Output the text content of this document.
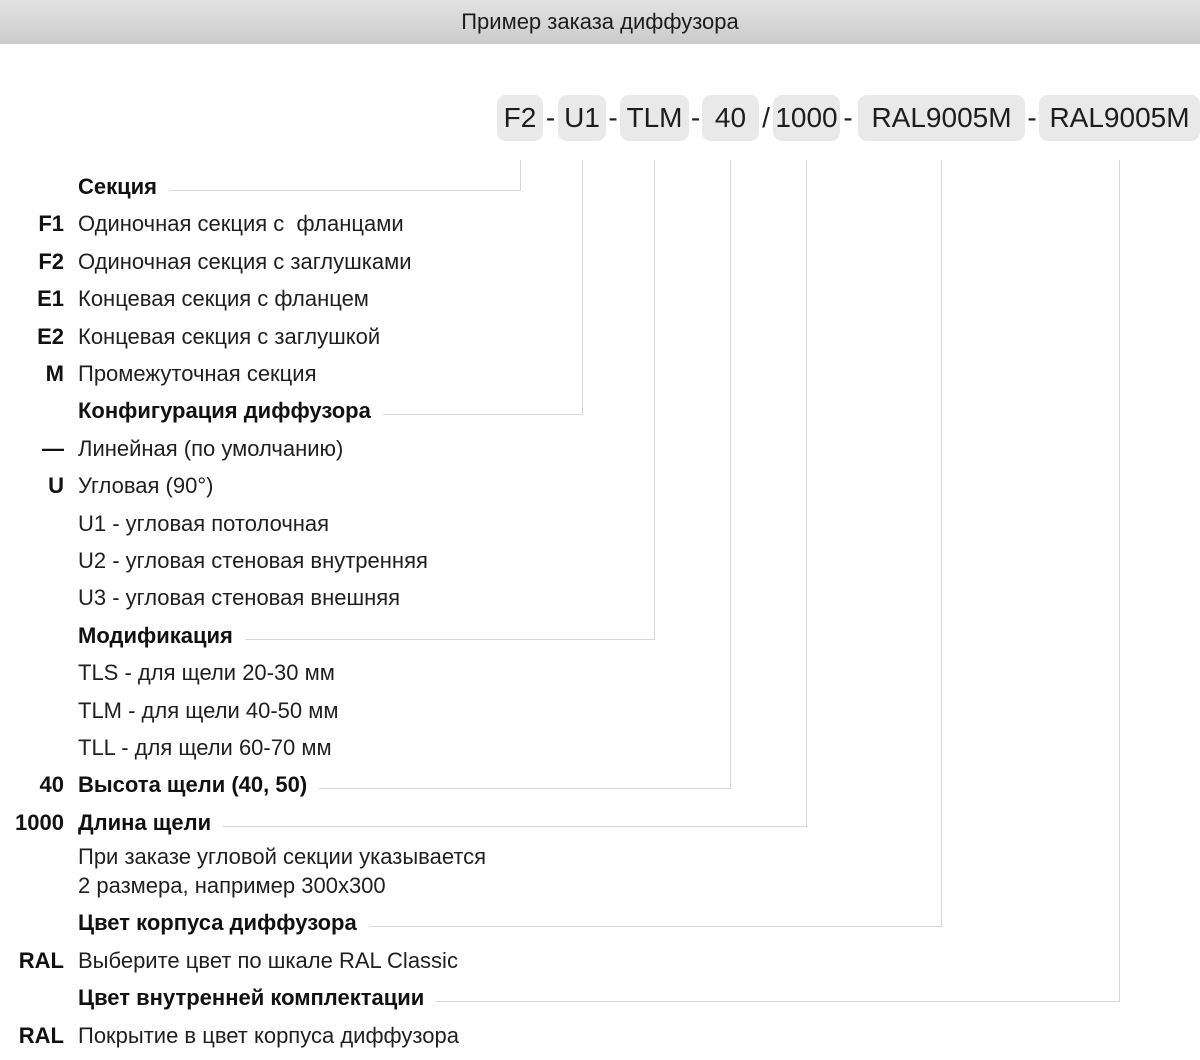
Пример заказа диффузора
F2 - U1 - TLM - 40 / 1000 - RAL9005M - RAL9005M
Секция
F1 Одиночная секция с  фланцами
F2 Одиночная секция с заглушками
E1 Концевая секция с фланцем
E2 Концевая секция с заглушкой
M Промежуточная секция
Конфигурация диффузора
— Линейная (по умолчанию)
U Угловая (90°)
U1 - угловая потолочная
U2 - угловая стеновая внутренняя
U3 - угловая стеновая внешняя
Модификация
TLS - для щели 20-30 мм
TLM - для щели 40-50 мм
TLL - для щели 60-70 мм
40 Высота щели (40, 50)
1000 Длина щели
При заказе угловой секции указывается
2 размера, например 300x300
Цвет корпуса диффузора
RAL Выберите цвет по шкале RAL Classic
Цвет внутренней комплектации
RAL Покрытие в цвет корпуса диффузора
